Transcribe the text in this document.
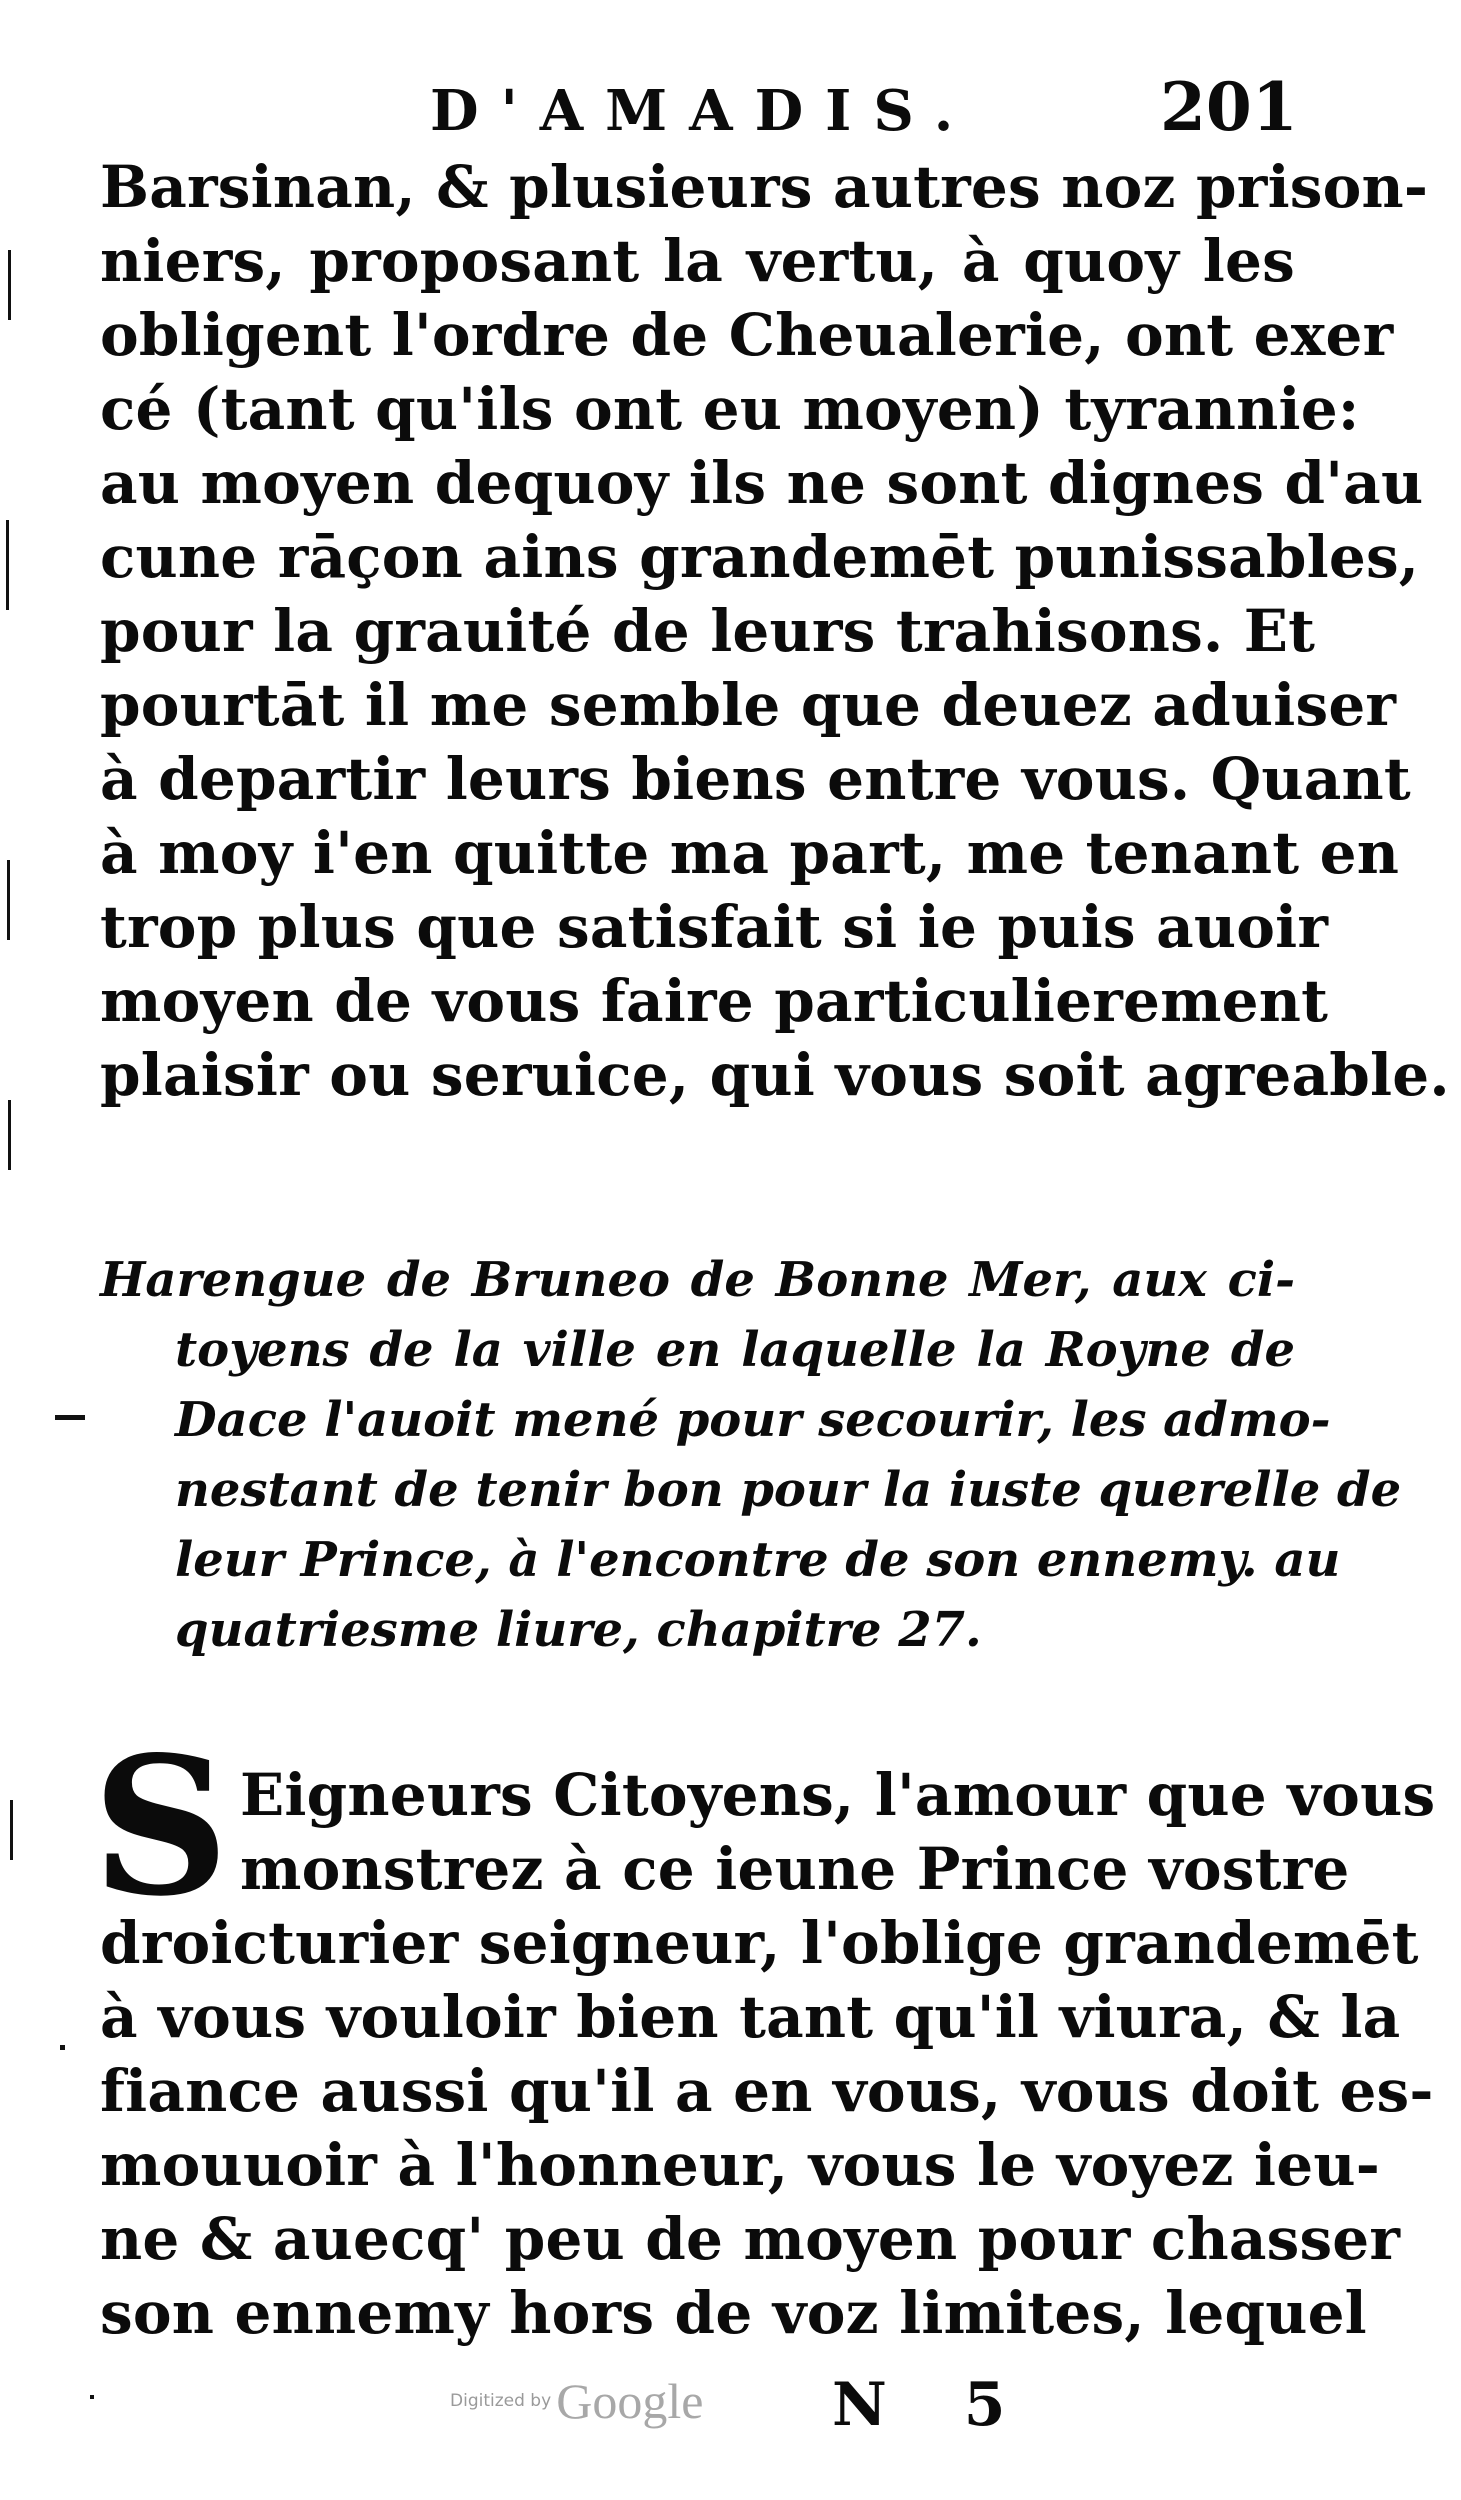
D'AMADIS.	201
Barsinan, & plusieurs autres noz prison-
niers, proposant la vertu, à quoy les
obligent l'ordre de Cheualerie, ont exer
cé (tant qu'ils ont eu moyen) tyrannie:
au moyen dequoy ils ne sont dignes d'au
cune rāçon ains grandemēt punissables,
pour la grauité de leurs trahisons. Et
pourtāt il me semble que deuez aduiser
à departir leurs biens entre vous. Quant
à moy i'en quitte ma part, me tenant en
trop plus que satisfait si ie puis auoir
moyen de vous faire particulierement
plaisir ou seruice, qui vous soit agreable.
Harengue de Bruneo de Bonne Mer, aux ci-
toyens de la ville en laquelle la Royne de
Dace l'auoit mené pour secourir, les admo-
nestant de tenir bon pour la iuste querelle de
leur Prince, à l'encontre de son ennemy. au
quatriesme liure, chapitre 27.
S Eigneurs Citoyens, l'amour que vous
monstrez à ce ieune Prince vostre
droicturier seigneur, l'oblige grandemēt
à vous vouloir bien tant qu'il viura, & la
fiance aussi qu'il a en vous, vous doit es-
mouuoir à l'honneur, vous le voyez ieu-
ne & auecq' peu de moyen pour chasser
son ennemy hors de voz limites, lequel
Digitized by Google N 5
